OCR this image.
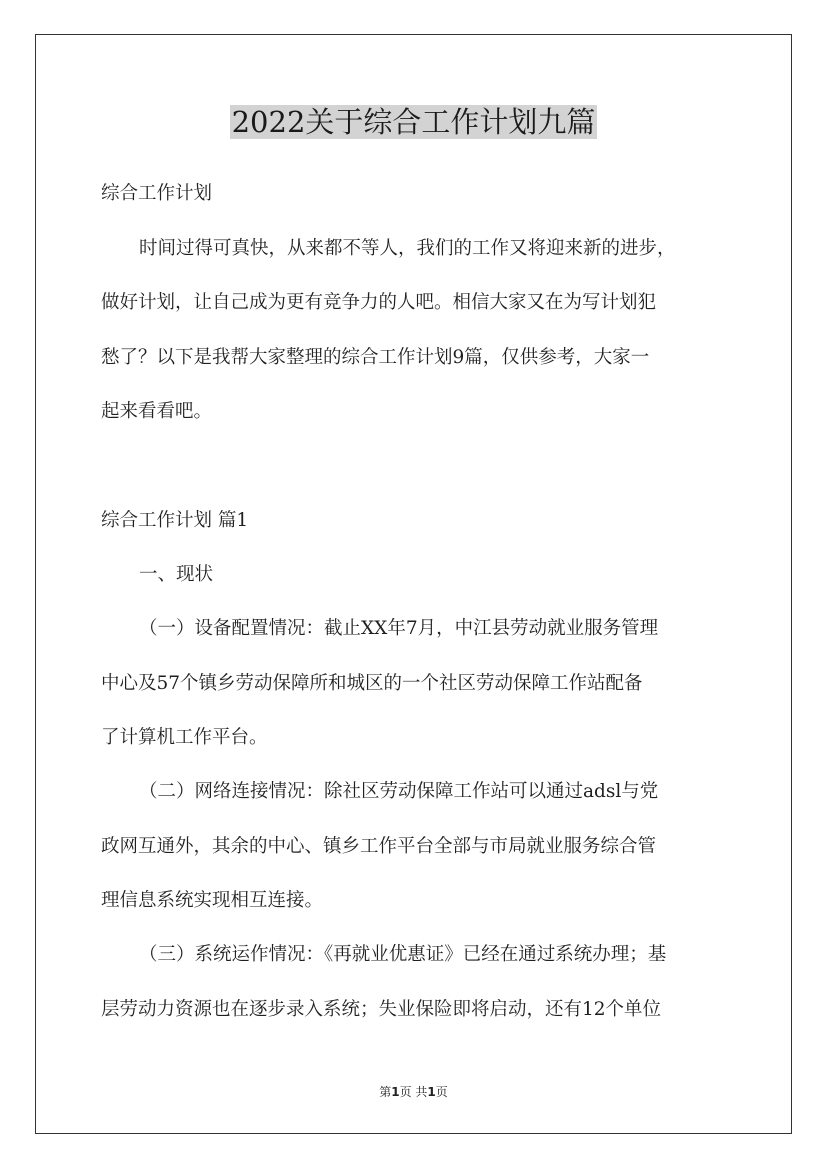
2022关于综合工作计划九篇

综合工作计划

时间过得可真快，从来都不等人，我们的工作又将迎来新的进步，

做好计划，让自己成为更有竞争力的人吧。相信大家又在为写计划犯

愁了？以下是我帮大家整理的综合工作计划9篇，仅供参考，大家一

起来看看吧。

综合工作计划 篇1

一、现状

（一）设备配置情况：截止XX年7月，中江县劳动就业服务管理

中心及57个镇乡劳动保障所和城区的一个社区劳动保障工作站配备

了计算机工作平台。

（二）网络连接情况：除社区劳动保障工作站可以通过adsl与党

政网互通外，其余的中心、镇乡工作平台全部与市局就业服务综合管

理信息系统实现相互连接。

（三）系统运作情况：《再就业优惠证》已经在通过系统办理；基

层劳动力资源也在逐步录入系统；失业保险即将启动，还有12个单位

第1页 共1页
